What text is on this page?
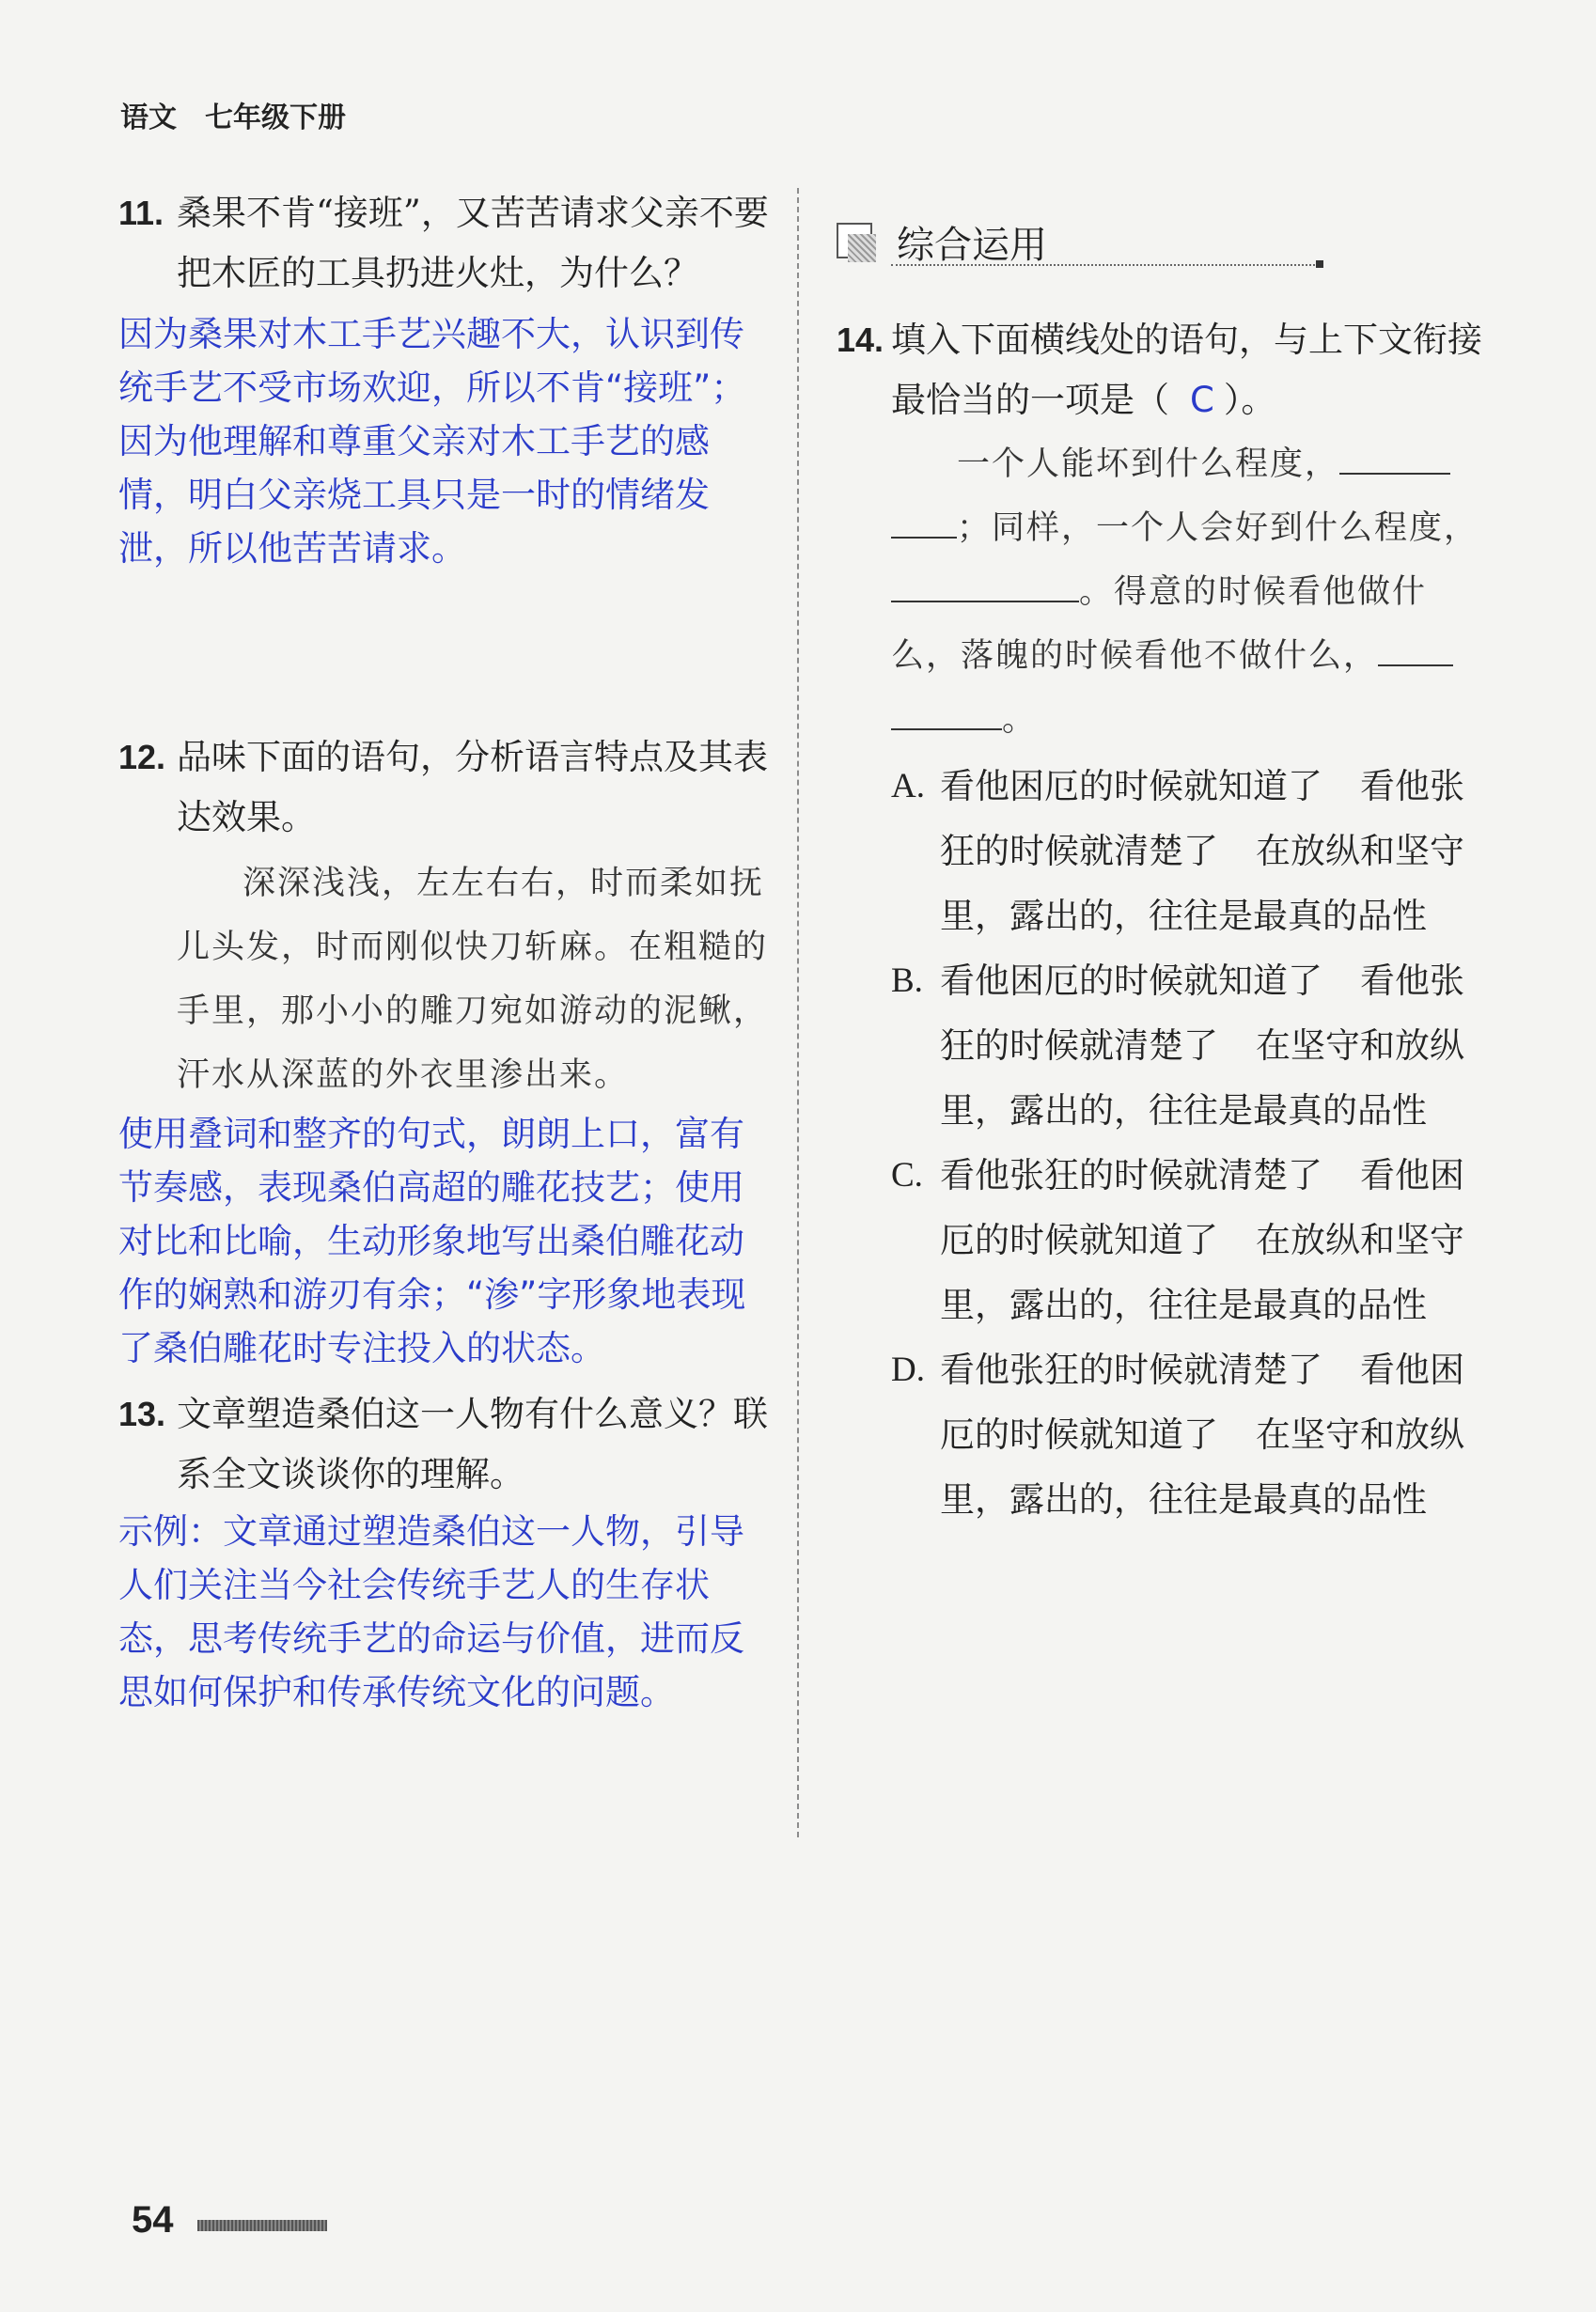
语文 七年级下册
11. 桑果不肯“接班”，又苦苦请求父亲不要把木匠的工具扔进火灶，为什么？
因为桑果对木工手艺兴趣不大，认识到传统手艺不受市场欢迎，所以不肯“接班”；因为他理解和尊重父亲对木工手艺的感情，明白父亲烧工具只是一时的情绪发泄，所以他苦苦请求。
12. 品味下面的语句，分析语言特点及其表达效果。
深深浅浅，左左右右，时而柔如抚儿头发，时而刚似快刀斩麻。在粗糙的手里，那小小的雕刀宛如游动的泥鳅，汗水从深蓝的外衣里渗出来。
使用叠词和整齐的句式，朗朗上口，富有节奏感，表现桑伯高超的雕花技艺；使用对比和比喻，生动形象地写出桑伯雕花动作的娴熟和游刃有余；“渗”字形象地表现了桑伯雕花时专注投入的状态。
13. 文章塑造桑伯这一人物有什么意义？联系全文谈谈你的理解。
示例：文章通过塑造桑伯这一人物，引导人们关注当今社会传统手艺人的生存状态，思考传统手艺的命运与价值，进而反思如何保护和传承传统文化的问题。
综合运用
14. 填入下面横线处的语句，与上下文衔接最恰当的一项是（ C ）。
一个人能坏到什么程度，
；同样，一个人会好到什么程度，
。得意的时候看他做什么，落魄的时候看他不做什么，
。
A. 看他困厄的时候就知道了 看他张狂的时候就清楚了 在放纵和坚守里，露出的，往往是最真的品性
B. 看他困厄的时候就知道了 看他张狂的时候就清楚了 在坚守和放纵里，露出的，往往是最真的品性
C. 看他张狂的时候就清楚了 看他困厄的时候就知道了 在放纵和坚守里，露出的，往往是最真的品性
D. 看他张狂的时候就清楚了 看他困厄的时候就知道了 在坚守和放纵里，露出的，往往是最真的品性
54
